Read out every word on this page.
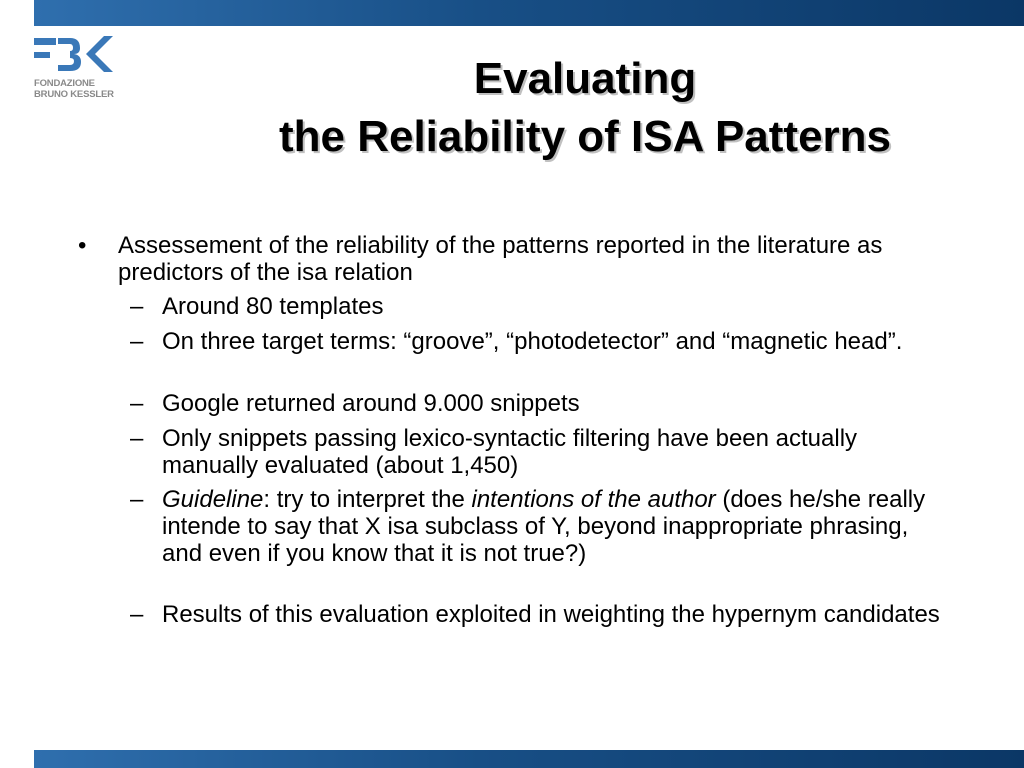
FONDAZIONE
BRUNO KESSLER	Evaluating
the Reliability of ISA Patterns
• Assessement of the reliability of the patterns reported in the literature as predictors of the isa relation
– Around 80 templates
– On three target terms: “groove”, “photodetector” and “magnetic head”.
– Google returned around 9.000 snippets
– Only snippets passing lexico-syntactic filtering have been actually manually evaluated (about 1,450)
– Guideline: try to interpret the intentions of the author (does he/she really intende to say that X isa subclass of Y, beyond inappropriate phrasing, and even if you know that it is not true?)
– Results of this evaluation exploited in weighting the hypernym candidates
